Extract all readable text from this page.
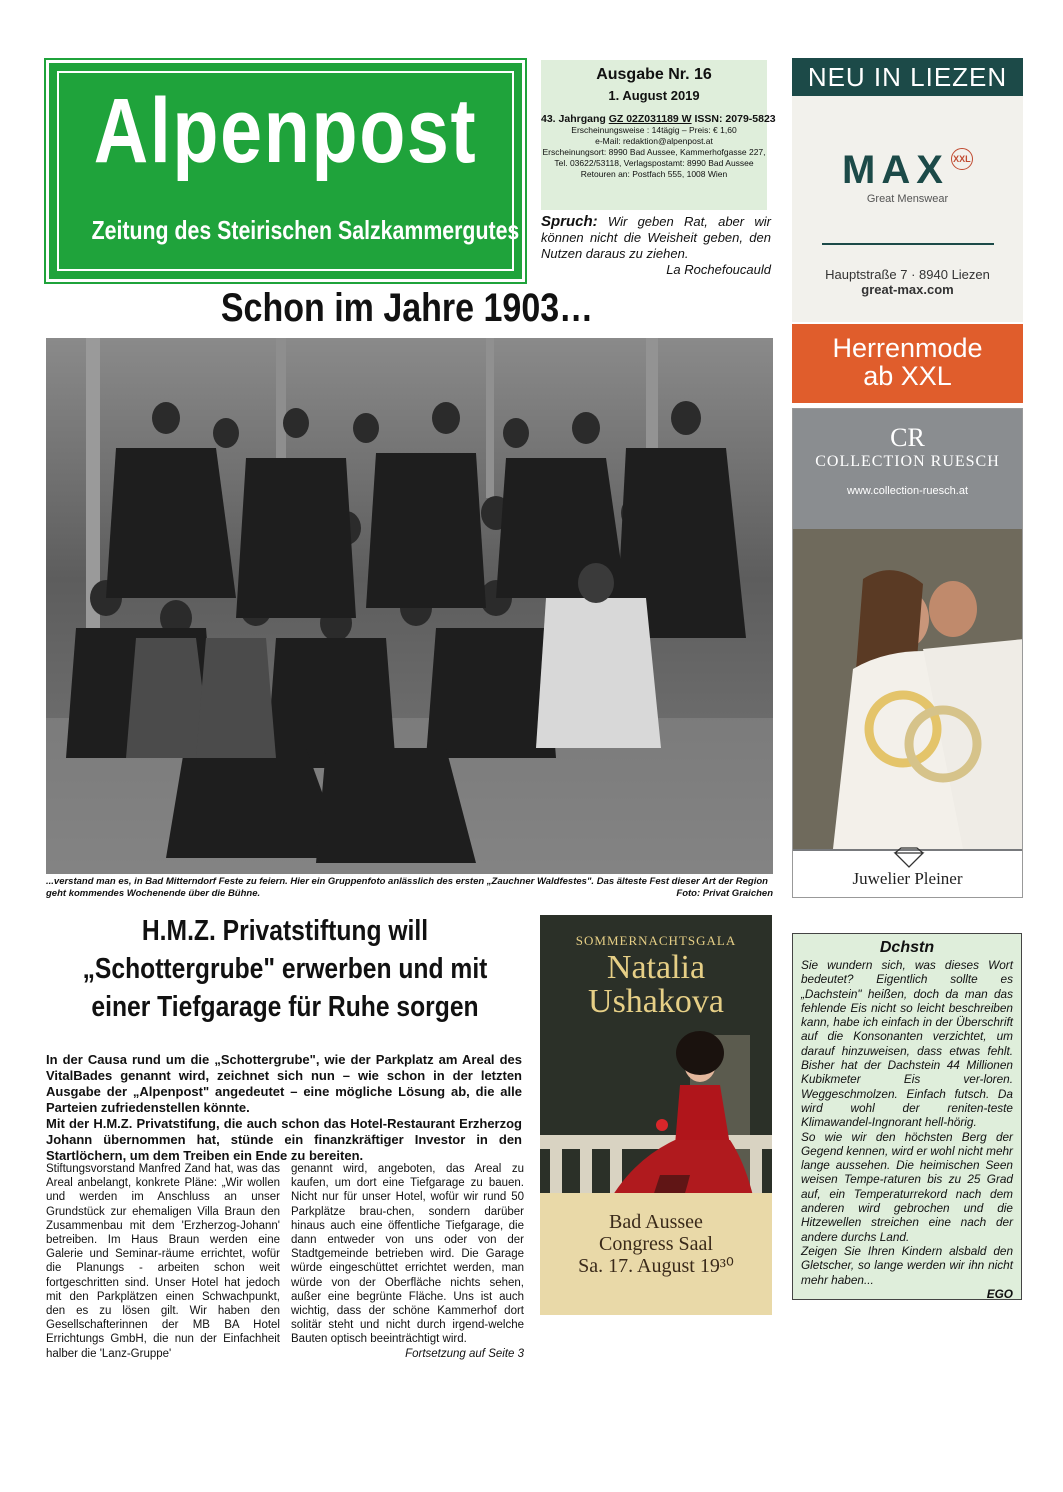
Alpenpost
Zeitung des Steirischen Salzkammergutes
Ausgabe Nr. 16
1. August 2019
43. Jahrgang GZ 02Z031189 W ISSN: 2079-5823
Erscheinungsweise : 14tägig – Preis: € 1,60
e-Mail: redaktion@alpenpost.at
Erscheinungsort: 8990 Bad Aussee, Kammerhofgasse 227,
Tel. 03622/53118, Verlagspostamt: 8990 Bad Aussee
Retouren an: Postfach 555, 1008 Wien
Spruch: Wir geben Rat, aber wir können nicht die Weisheit geben, den Nutzen daraus zu ziehen.
La Rochefoucauld
Schon im Jahre 1903…
...verstand man es, in Bad Mitterndorf Feste zu feiern. Hier ein Gruppenfoto anlässlich des ersten „Zauchner Waldfestes". Das älteste Fest dieser Art der Region geht kommendes Wochenende über die Bühne.	Foto: Privat Graichen
H.M.Z. Privatstiftung will „Schottergrube" erwerben und mit einer Tiefgarage für Ruhe sorgen
In der Causa rund um die „Schottergrube", wie der Parkplatz am Areal des VitalBades genannt wird, zeichnet sich nun – wie schon in der letzten Ausgabe der „Alpenpost" angedeutet – eine mögliche Lösung ab, die alle Parteien zufriedenstellen könnte.
Mit der H.M.Z. Privatstifung, die auch schon das Hotel-Restaurant Erzherzog Johann übernommen hat, stünde ein finanzkräftiger Investor in den Startlöchern, um dem Treiben ein Ende zu bereiten.
Stiftungsvorstand Manfred Zand hat, was das Areal anbelangt, konkrete Pläne: „Wir wollen und werden im Anschluss an unser Grundstück zur ehemaligen Villa Braun den Zusammenbau mit dem 'Erzherzog-Johann' betreiben. Im Haus Braun werden eine Galerie und Seminar-räume errichtet, wofür die Planungs - arbeiten schon weit fortgeschritten sind. Unser Hotel hat jedoch mit den Parkplätzen einen Schwachpunkt, den es zu lösen gilt. Wir haben den Gesellschafterinnen der MB BA Hotel Errichtungs GmbH, die nun der Einfachheit halber die 'Lanz-Gruppe'
genannt wird, angeboten, das Areal zu kaufen, um dort eine Tiefgarage zu bauen. Nicht nur für unser Hotel, wofür wir rund 50 Parkplätze brau-chen, sondern darüber hinaus auch eine öffentliche Tiefgarage, die dann entweder von uns oder von der Stadtgemeinde betrieben wird. Die Garage würde eingeschüttet errichtet werden, man würde von der Oberfläche nichts sehen, außer eine begrünte Fläche. Uns ist auch wichtig, dass der schöne Kammerhof dort solitär steht und nicht durch irgend-welche Bauten optisch beeinträchtigt wird.
Fortsetzung auf Seite 3
SOMMERNACHTSGALA
Natalia
Ushakova
Bad Aussee
Congress Saal
Sa. 17. August 19³⁰
NEU IN LIEZEN
MAX XXL
Great Menswear
Hauptstraße 7 · 8940 Liezen
great-max.com
Herrenmode
ab XXL
CR
COLLECTION RUESCH
www.collection-ruesch.at
Juwelier Pleiner
Dchstn
Sie wundern sich, was dieses Wort bedeutet? Eigentlich sollte es „Dachstein" heißen, doch da man das fehlende Eis nicht so leicht beschreiben kann, habe ich einfach in der Überschrift auf die Konsonanten verzichtet, um darauf hinzuweisen, dass etwas fehlt. Bisher hat der Dachstein 44 Millionen Kubikmeter Eis ver-loren. Weggeschmolzen. Einfach futsch. Da wird wohl der reniten-teste Klimawandel-Ingnorant hell-hörig.
So wie wir den höchsten Berg der Gegend kennen, wird er wohl nicht mehr lange aussehen. Die heimischen Seen weisen Tempe-raturen bis zu 25 Grad auf, ein Temperaturrekord nach dem anderen wird gebrochen und die Hitzewellen streichen eine nach der andere durchs Land.
Zeigen Sie Ihren Kindern alsbald den Gletscher, so lange werden wir ihn nicht mehr haben...
EGO
